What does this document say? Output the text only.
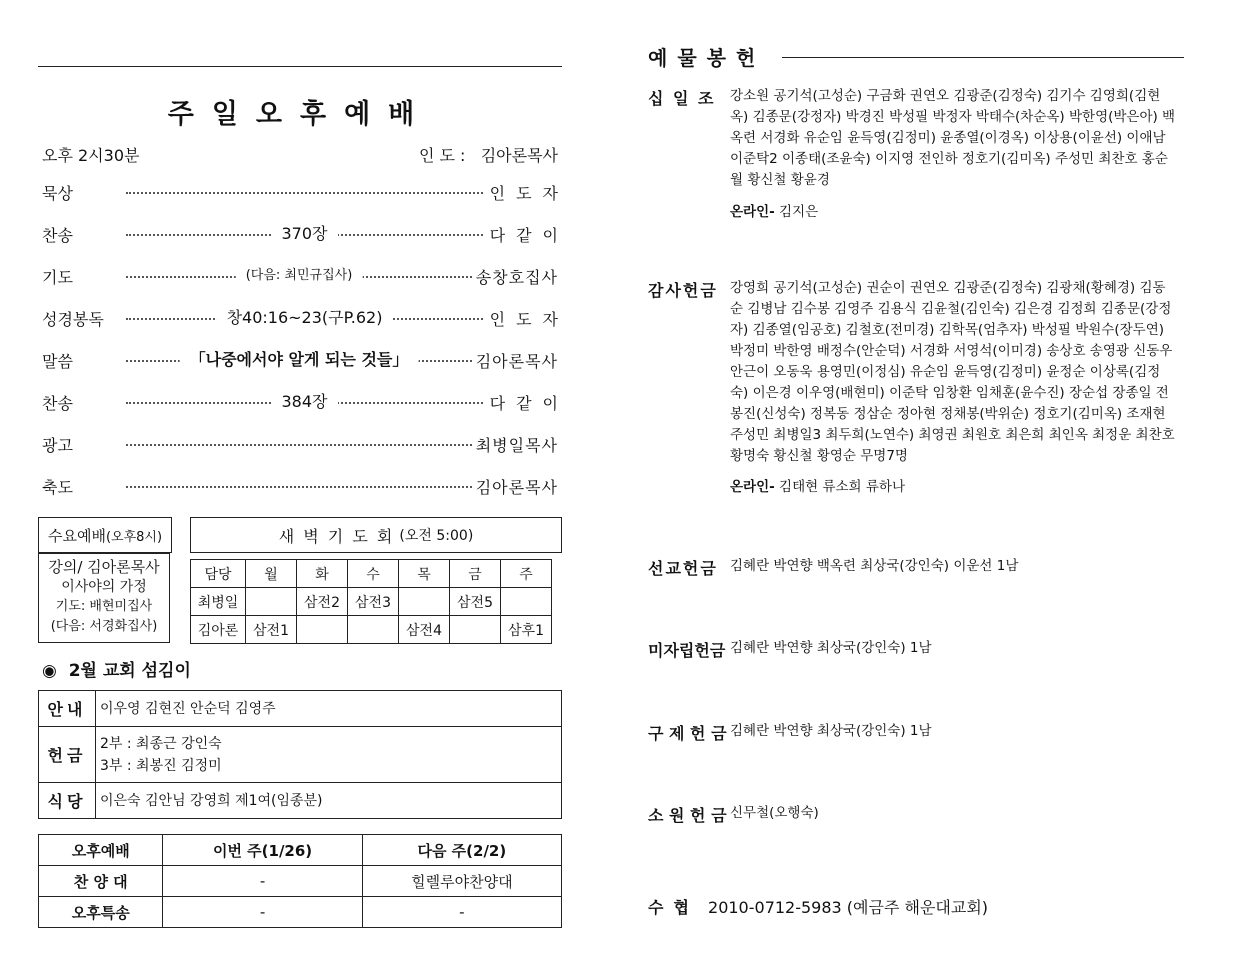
주일오후예배
오후 2시30분	인 도 : 김아론목사
묵상	인도자
찬송	370장	다같이
기도	(다음: 최민규집사)	송창호집사
성경봉독	창40:16~23(구P.62)	인도자
말씀	「나중에서야 알게 되는 것들」	김아론목사
찬송	384장	다같이
광고	최병일목사
축도	김아론목사
수요예배 (오후8시)
강의/ 김아론목사
이사야의 가정
기도: 배현미집사
(다음: 서경화집사)
새 벽 기 도 회
(오전 5:00)
담당	월	화	수	목	금	주
최병일		삼전2	삼전3		삼전5	
김아론	삼전1			삼전4		삼후1
◉ 2월 교회 섬김이
안내	이우영 김현진 안순덕 김영주

헌금	2부 : 최종근 강인숙
3부 : 최봉진 김정미

식당	이은숙 김안님 강영희 제1여(임종분)
오후예배	이번 주(1/26)	다음 주(2/2)
찬 양 대	-	힐렐루야찬양대
오후특송	-	-
예물봉헌
십 일 조	강소원 공기석(고성순) 구금화 권연오 김광준(김정숙) 김기수 김영희(김현옥) 김종문(강정자) 박경진 박성필 박정자 박태수(차순옥) 박한영(박은아) 백옥련 서경화 유순임 윤득영(김정미) 윤종열(이경옥) 이상용(이윤선) 이애남 이준탁2 이종태(조윤숙) 이지영 전인하 정호기(김미옥) 주성민 최찬호 홍순월 황신철 황윤경
온라인- 김지은
감사헌금 강영희 공기석(고성순) 권순이 권연오 김광준(김정숙) 김광채(황혜경) 김동순 김병남 김수봉 김영주 김용식 김윤철(김인숙) 김은경 김정희 김종문(강정자) 김종열(임공호) 김철호(전미경) 김학목(엄추자) 박성필 박원수(장두연) 박정미 박한영 배정수(안순덕) 서경화 서영석(이미경) 송상호 송영광 신동우 안근이 오동욱 용영민(이정심) 유순임 윤득영(김정미) 윤정순 이상록(김정숙) 이은경 이우영(배현미) 이준탁 임창환 임채훈(윤수진) 장순섭 장종일 전봉진(신성숙) 정복동 정삼순 정아현 정채봉(박위순) 정호기(김미옥) 조재현 주성민 최병일3 최두희(노연수) 최영권 최원호 최은희 최인옥 최정운 최찬호 황명숙 황신철 황영순 무명7명
온라인- 김태현 류소희 류하나
선교헌금 김혜란 박연향 백옥련 최상국(강인숙) 이운선 1남
미자립헌금 김혜란 박연향 최상국(강인숙) 1남
구 제 헌 금 김혜란 박연향 최상국(강인숙) 1남
소 원 헌 금 신무철(오행숙)
수협 2010-0712-5983 (예금주 해운대교회)
